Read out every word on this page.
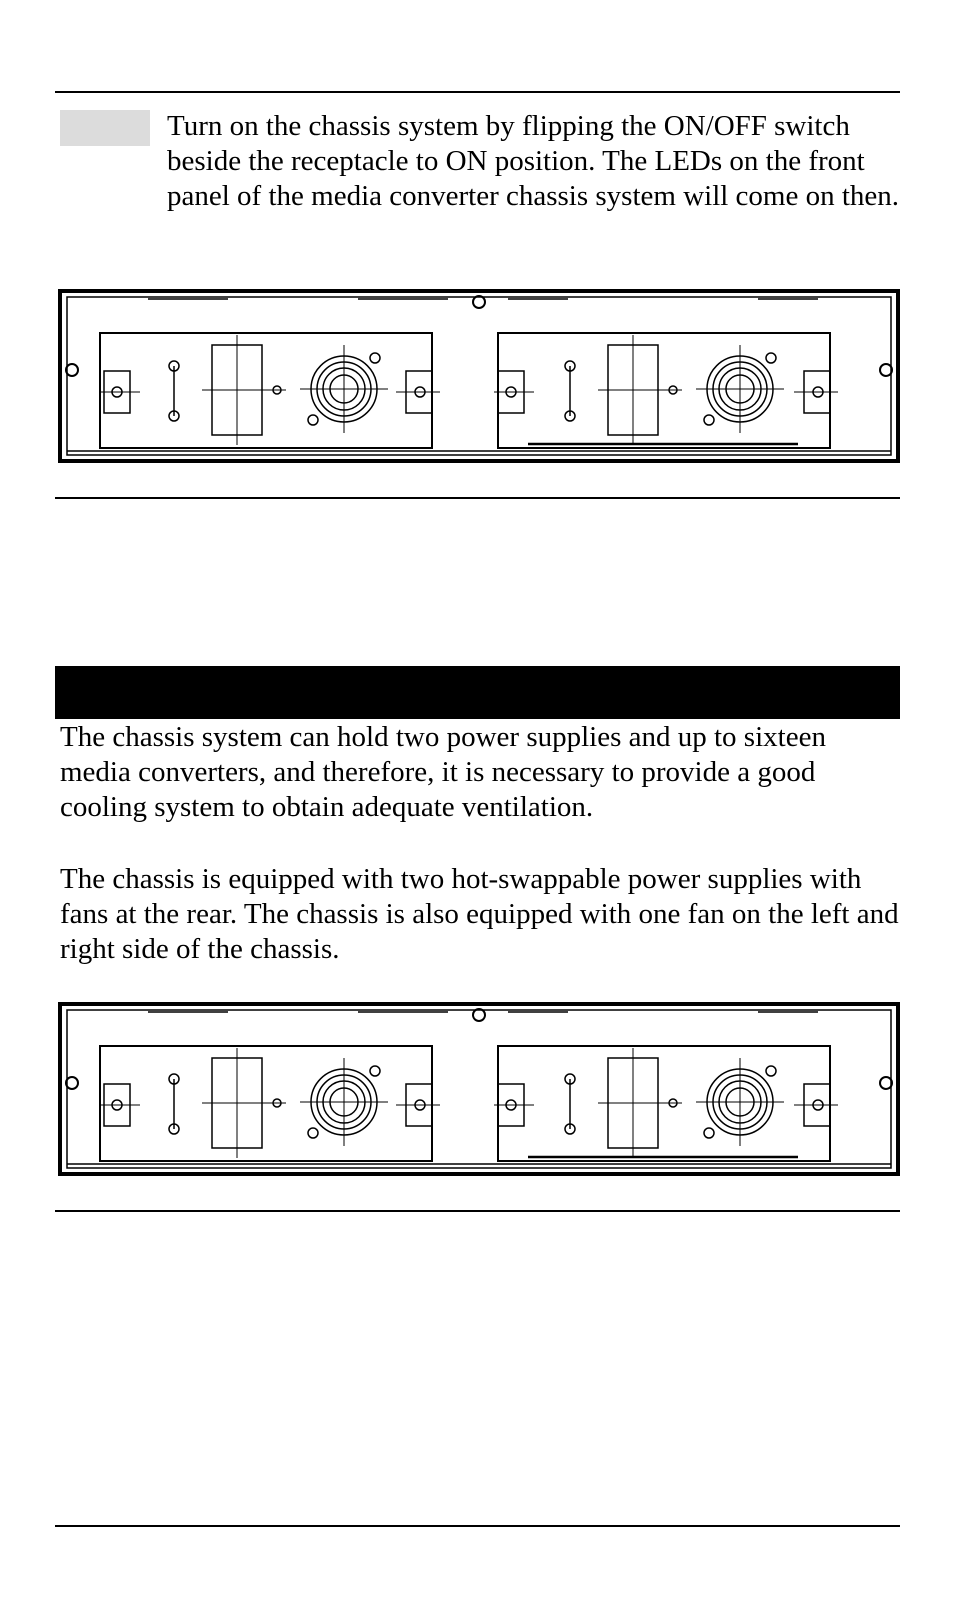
Turn on the chassis system by flipping the ON/OFF switch beside the receptacle to ON position. The LEDs on the front panel of the media converter chassis system will come on then.

The chassis system can hold two power supplies and up to sixteen media converters, and therefore, it is necessary to provide a good cooling system to obtain adequate ventilation.

The chassis is equipped with two hot-swappable power supplies with fans at the rear. The chassis is also equipped with one fan on the left and right side of the chassis.
